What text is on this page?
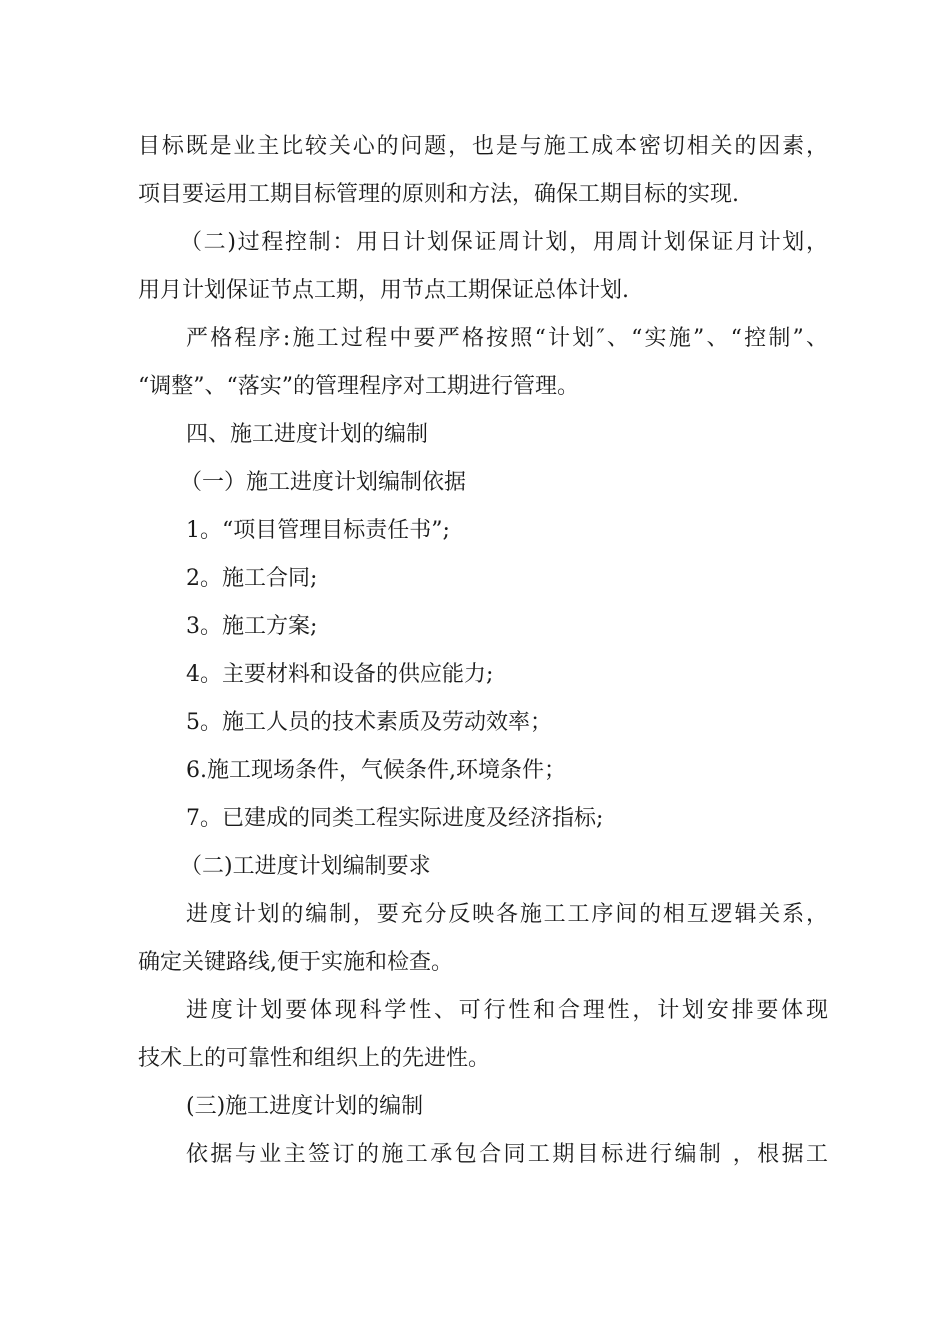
目标既是业主比较关心的问题，也是与施工成本密切相关的因素，
项目要运用工期目标管理的原则和方法，确保工期目标的实现.
（二)过程控制：用日计划保证周计划，用周计划保证月计划，
用月计划保证节点工期，用节点工期保证总体计划.
严格程序:施工过程中要严格按照“计划″、“实施”、“控制”、
“调整”、“落实”的管理程序对工期进行管理。
四、施工进度计划的编制
（一）施工进度计划编制依据
1。“项目管理目标责任书”;
2。施工合同;
3。施工方案;
4。主要材料和设备的供应能力;
5。施工人员的技术素质及劳动效率；
6.施工现场条件，气候条件,环境条件；
7。已建成的同类工程实际进度及经济指标;
（二)工进度计划编制要求
进度计划的编制，要充分反映各施工工序间的相互逻辑关系，
确定关键路线,便于实施和检查。
进度计划要体现科学性、可行性和合理性，计划安排要体现
技术上的可靠性和组织上的先进性。
(三)施工进度计划的编制
依据与业主签订的施工承包合同工期目标进行编制 ，根据工
